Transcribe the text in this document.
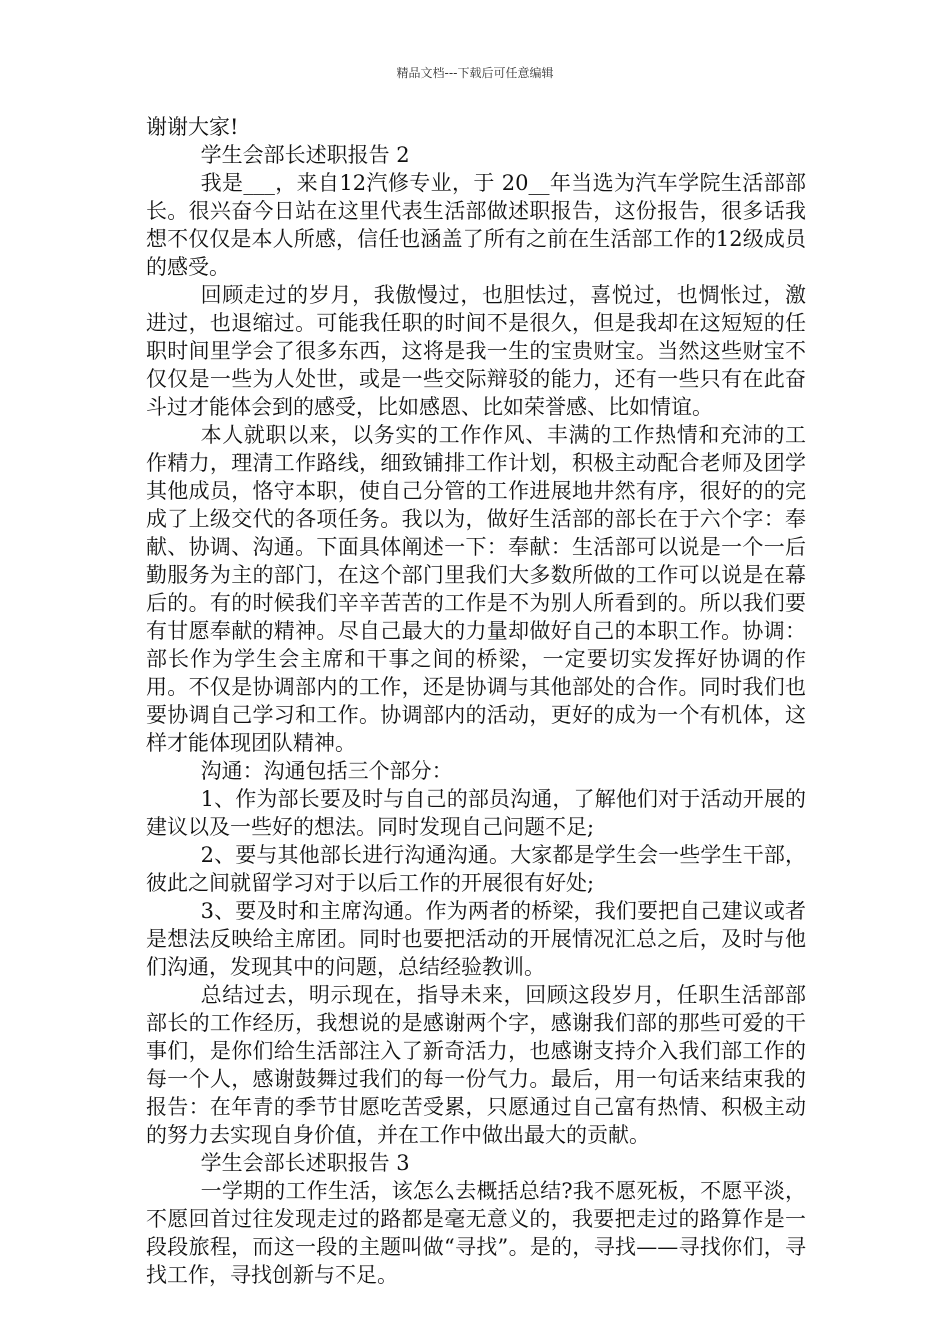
精品文档---下载后可任意编辑

谢谢大家!

学生会部长述职报告 2

我是___，来自12汽修专业，于 20__年当选为汽车学院生活部部长。很兴奋今日站在这里代表生活部做述职报告，这份报告，很多话我想不仅仅是本人所感，信任也涵盖了所有之前在生活部工作的12级成员的感受。

回顾走过的岁月，我傲慢过，也胆怯过，喜悦过，也惆怅过，激进过，也退缩过。可能我任职的时间不是很久，但是我却在这短短的任职时间里学会了很多东西，这将是我一生的宝贵财宝。当然这些财宝不仅仅是一些为人处世，或是一些交际辩驳的能力，还有一些只有在此奋斗过才能体会到的感受，比如感恩、比如荣誉感、比如情谊。

本人就职以来，以务实的工作作风、丰满的工作热情和充沛的工作精力，理清工作路线，细致铺排工作计划，积极主动配合老师及团学其他成员，恪守本职，使自己分管的工作进展地井然有序，很好的的完成了上级交代的各项任务。我以为，做好生活部的部长在于六个字：奉献、协调、沟通。下面具体阐述一下：奉献：生活部可以说是一个一后勤服务为主的部门，在这个部门里我们大多数所做的工作可以说是在幕后的。有的时候我们辛辛苦苦的工作是不为别人所看到的。所以我们要有甘愿奉献的精神。尽自己最大的力量却做好自己的本职工作。协调：部长作为学生会主席和干事之间的桥梁，一定要切实发挥好协调的作用。不仅是协调部内的工作，还是协调与其他部处的合作。同时我们也要协调自己学习和工作。协调部内的活动，更好的成为一个有机体，这样才能体现团队精神。

沟通：沟通包括三个部分：

1、作为部长要及时与自己的部员沟通，了解他们对于活动开展的建议以及一些好的想法。同时发现自己问题不足;

2、要与其他部长进行沟通沟通。大家都是学生会一些学生干部，彼此之间就留学习对于以后工作的开展很有好处;

3、要及时和主席沟通。作为两者的桥梁，我们要把自己建议或者是想法反映给主席团。同时也要把活动的开展情况汇总之后，及时与他们沟通，发现其中的问题，总结经验教训。

总结过去，明示现在，指导未来，回顾这段岁月，任职生活部部部长的工作经历，我想说的是感谢两个字，感谢我们部的那些可爱的干事们，是你们给生活部注入了新奇活力，也感谢支持介入我们部工作的每一个人，感谢鼓舞过我们的每一份气力。最后，用一句话来结束我的报告：在年青的季节甘愿吃苦受累，只愿通过自己富有热情、积极主动的努力去实现自身价值，并在工作中做出最大的贡献。

学生会部长述职报告 3

一学期的工作生活，该怎么去概括总结?我不愿死板，不愿平淡，不愿回首过往发现走过的路都是毫无意义的，我要把走过的路算作是一段段旅程，而这一段的主题叫做“寻找”。是的，寻找——寻找你们，寻找工作，寻找创新与不足。
